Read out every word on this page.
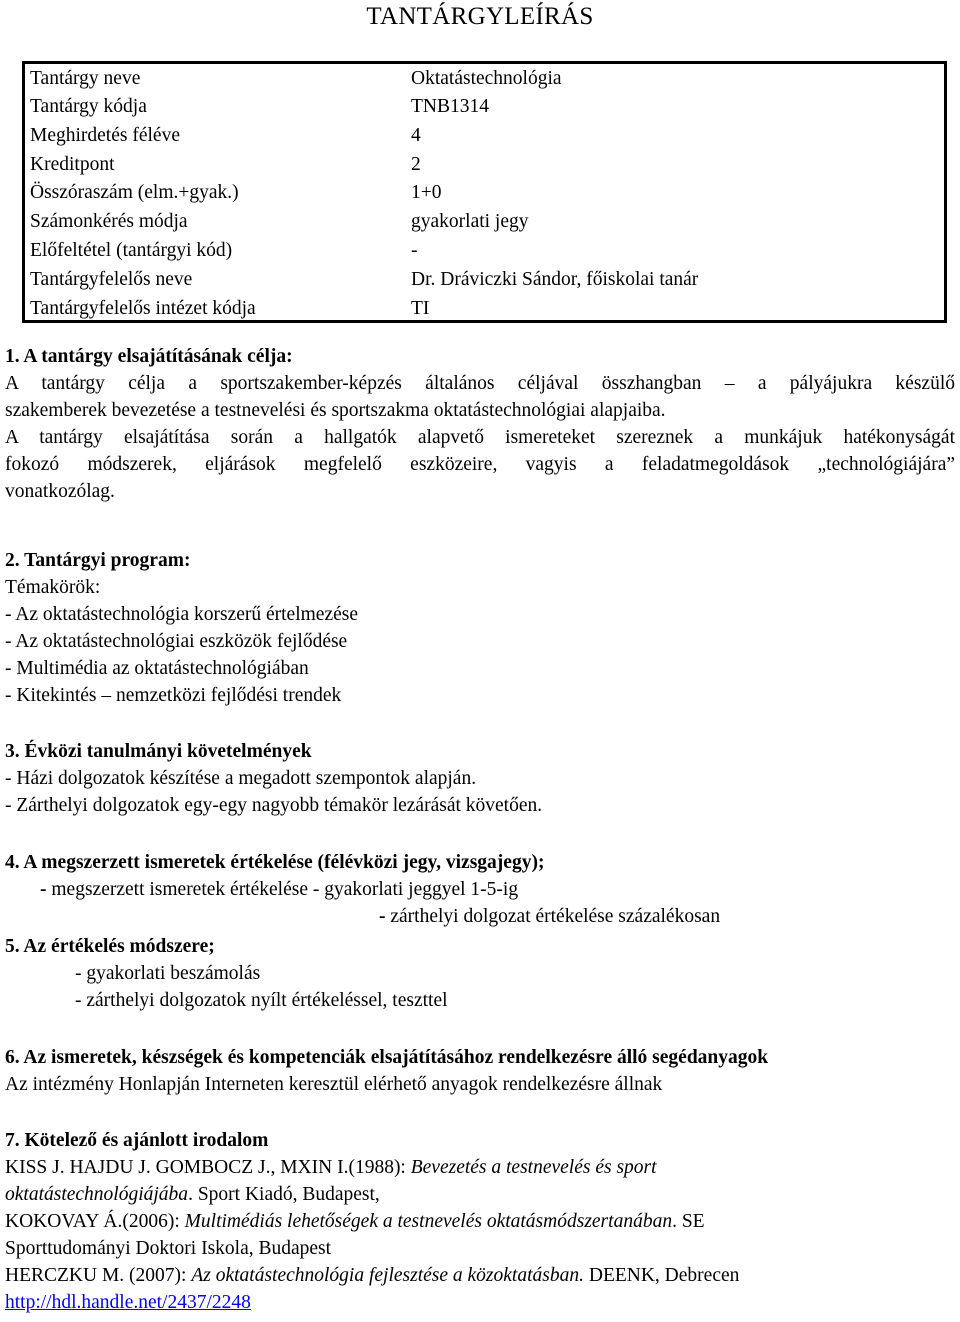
TANTÁRGYLEÍRÁS
Tantárgy neve	Oktatástechnológia
Tantárgy kódja	TNB1314
Meghirdetés féléve	4
Kreditpont	2
Összóraszám (elm.+gyak.)	1+0
Számonkérés módja	gyakorlati jegy
Előfeltétel (tantárgyi kód)	-
Tantárgyfelelős neve	Dr. Dráviczki Sándor, főiskolai tanár
Tantárgyfelelős intézet kódja	TI
1. A tantárgy elsajátításának célja:
A tantárgy célja a sportszakember-képzés általános céljával összhangban – a pályájukra készülő
szakemberek bevezetése a testnevelési és sportszakma oktatástechnológiai alapjaiba.
A tantárgy elsajátítása során a hallgatók alapvető ismereteket szereznek a munkájuk hatékonyságát
fokozó módszerek, eljárások megfelelő eszközeire, vagyis a feladatmegoldások „technológiájára”
vonatkozólag.
2. Tantárgyi program:
Témakörök:
- Az oktatástechnológia korszerű értelmezése
- Az oktatástechnológiai eszközök fejlődése
- Multimédia az oktatástechnológiában
- Kitekintés – nemzetközi fejlődési trendek
3. Évközi tanulmányi követelmények
- Házi dolgozatok készítése a megadott szempontok alapján.
- Zárthelyi dolgozatok egy-egy nagyobb témakör lezárását követően.
4. A megszerzett ismeretek értékelése (félévközi jegy, vizsgajegy);
- megszerzett ismeretek értékelése - gyakorlati jeggyel 1-5-ig
- zárthelyi dolgozat értékelése százalékosan
5. Az értékelés módszere;
- gyakorlati beszámolás
- zárthelyi dolgozatok nyílt értékeléssel, teszttel
6. Az ismeretek, készségek és kompetenciák elsajátításához rendelkezésre álló segédanyagok
Az intézmény Honlapján Interneten keresztül elérhető anyagok rendelkezésre állnak
7. Kötelező és ajánlott irodalom
KISS J. HAJDU J. GOMBOCZ J., MXIN I.(1988): Bevezetés a testnevelés és sport
oktatástechnológiájába. Sport Kiadó, Budapest,
KOKOVAY Á.(2006): Multimédiás lehetőségek a testnevelés oktatásmódszertanában. SE
Sporttudományi Doktori Iskola, Budapest
HERCZKU M. (2007): Az oktatástechnológia fejlesztése a közoktatásban. DEENK, Debrecen
http://hdl.handle.net/2437/2248
